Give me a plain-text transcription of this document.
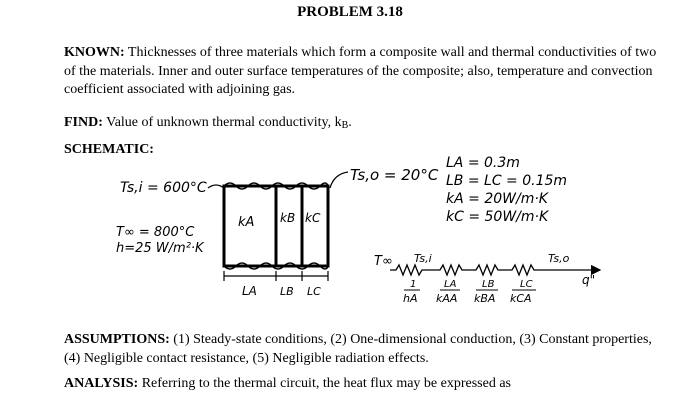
PROBLEM 3.18
KNOWN: Thicknesses of three materials which form a composite wall and thermal conductivities of two of the materials. Inner and outer surface temperatures of the composite; also, temperature and convection coefficient associated with adjoining gas.
FIND: Value of unknown thermal conductivity, kB.
SCHEMATIC:
kA kB kC
Ts,i = 600°C
Ts,o = 20°C
T∞ = 800°C
h=25 W/m²·K
LA LB LC
LA = 0.3m
LB = LC = 0.15m
kA = 20W/m·K
kC = 50W/m·K
T∞ Ts,i	Ts,o
q"
1
hA
LA
kAA
LB
kBA
LC
kCA
ASSUMPTIONS: (1) Steady-state conditions, (2) One-dimensional conduction, (3) Constant properties, (4) Negligible contact resistance, (5) Negligible radiation effects.
ANALYSIS: Referring to the thermal circuit, the heat flux may be expressed as
